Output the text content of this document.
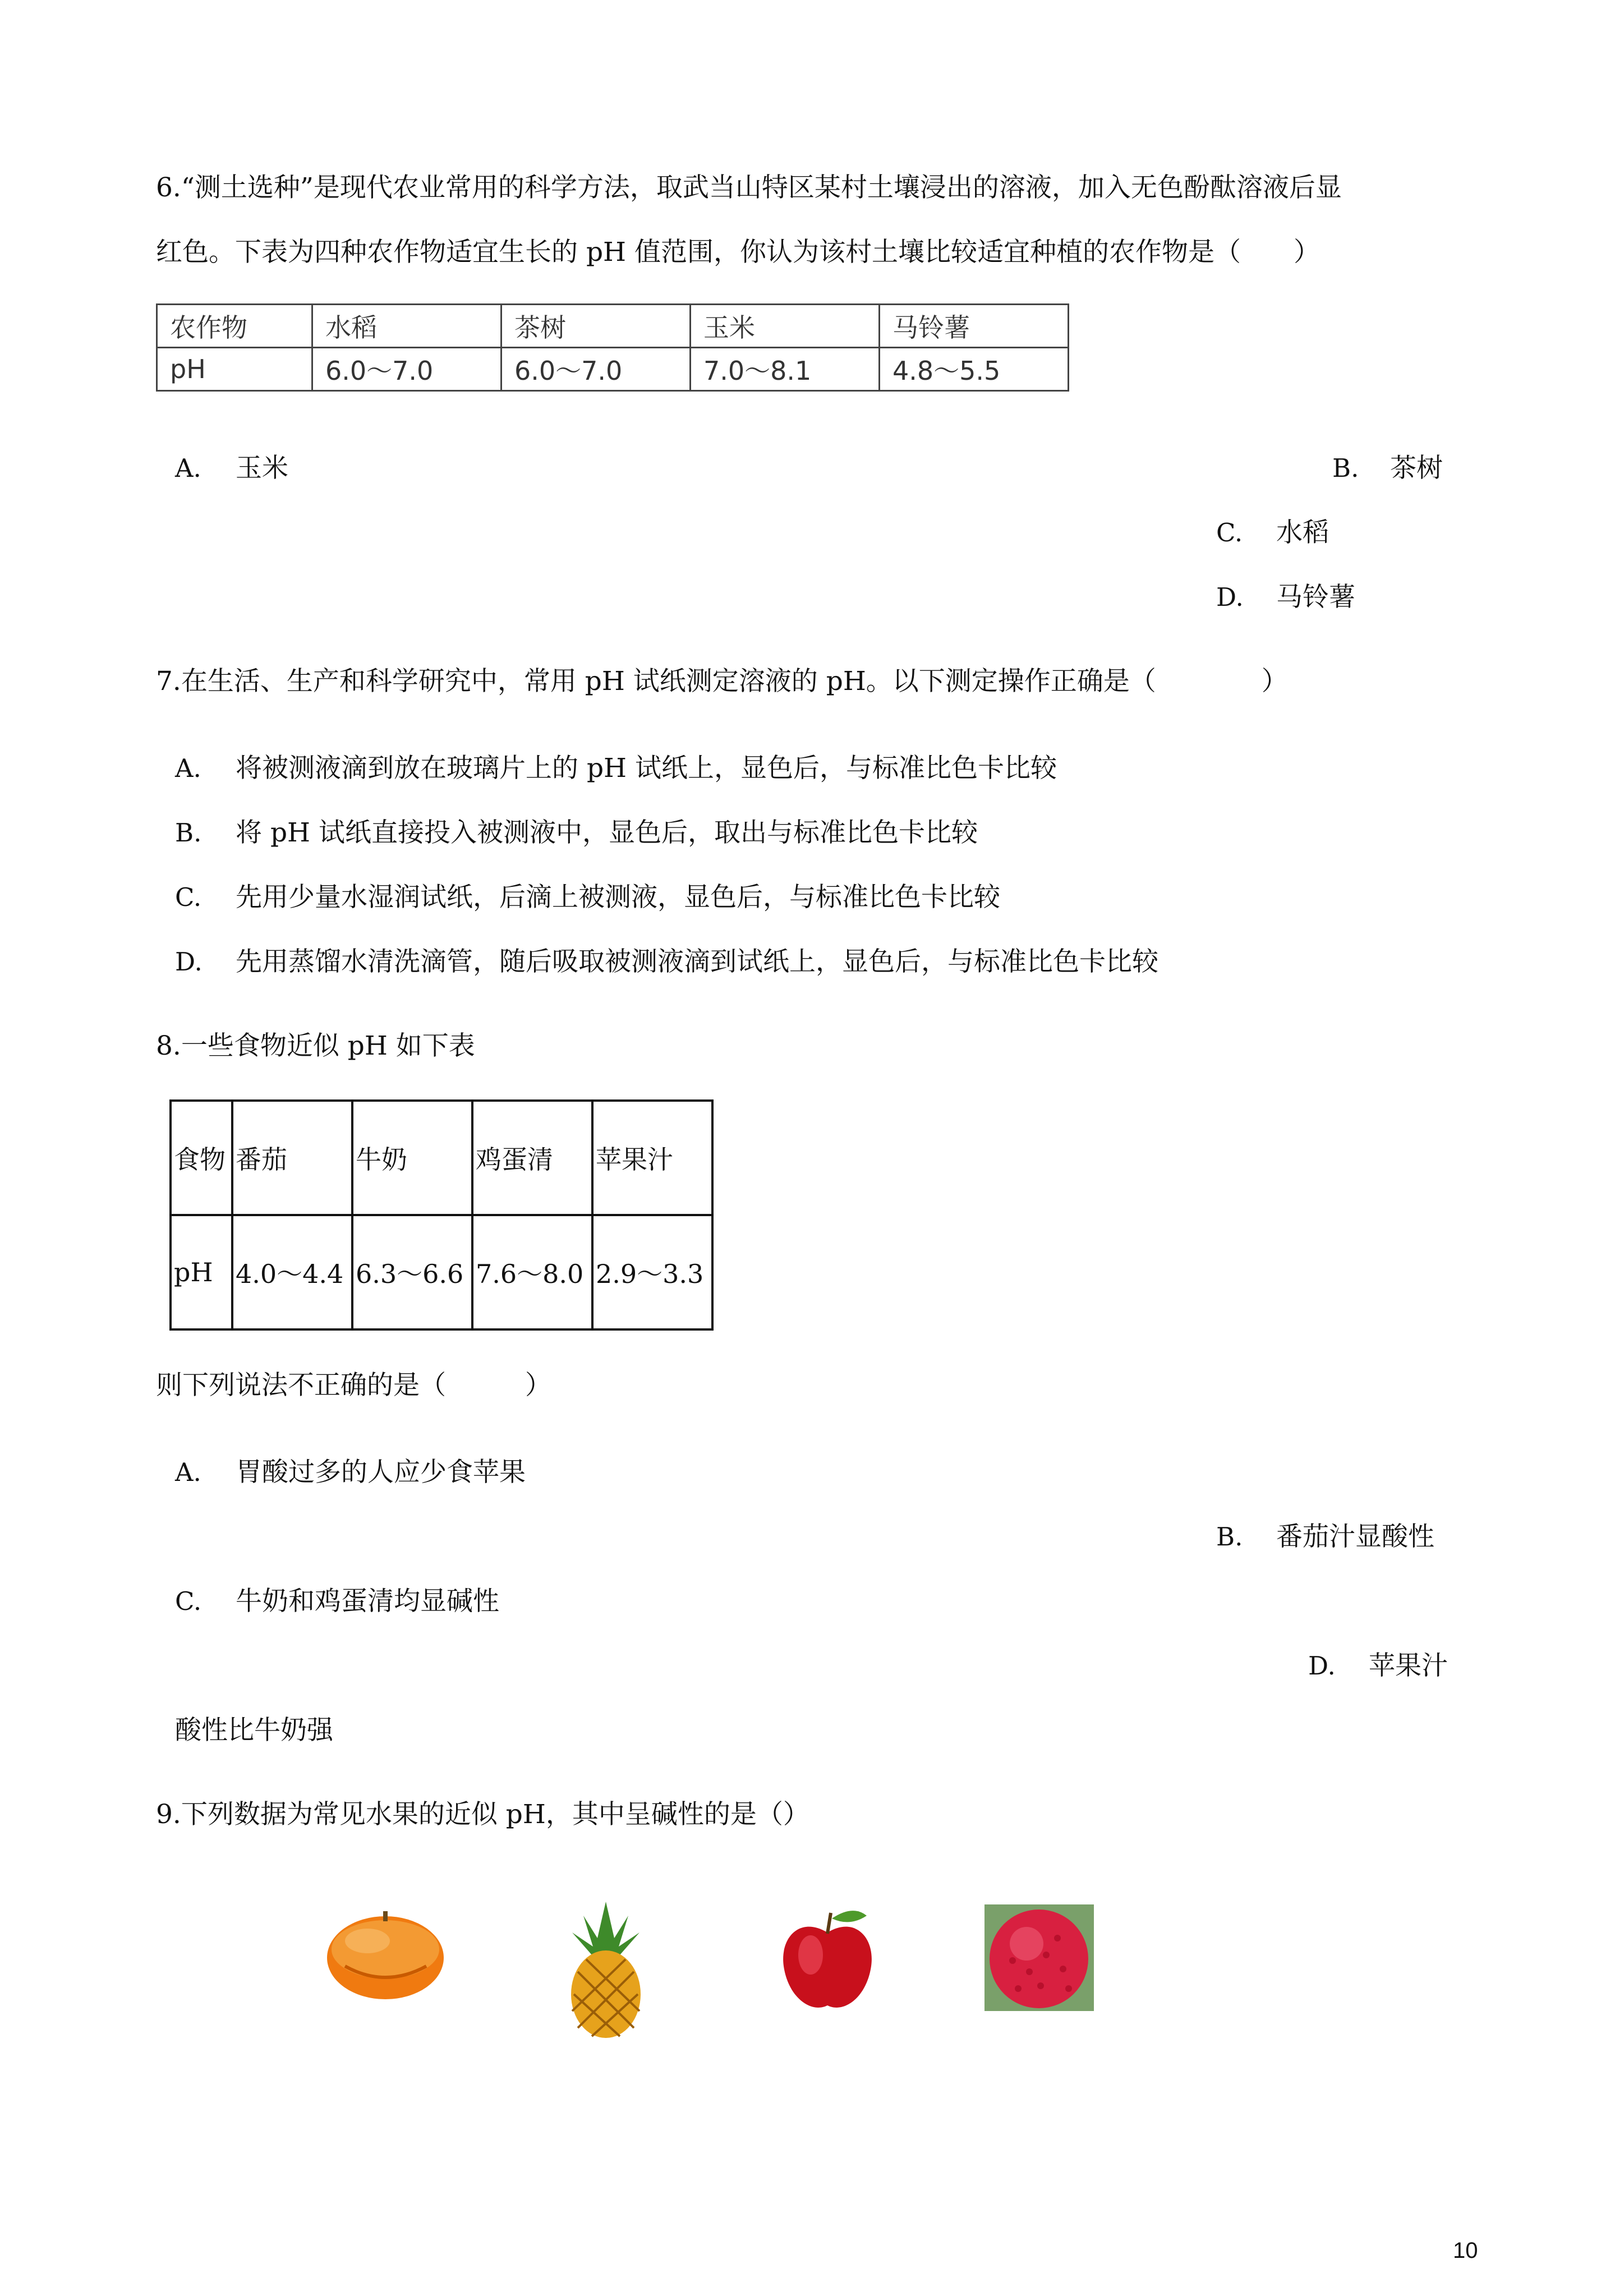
6.“测土选种”是现代农业常用的科学方法，取武当山特区某村土壤浸出的溶液，加入无色酚酞溶液后显
红色。下表为四种农作物适宜生长的 pH 值范围，你认为该村土壤比较适宜种植的农作物是（　　）
农作物	水稻	茶树	玉米	马铃薯
pH	6.0～7.0	6.0～7.0	7.0～8.1	4.8～5.5
A. 玉米	B. 茶树
C. 水稻
D. 马铃薯
7.在生活、生产和科学研究中，常用 pH 试纸测定溶液的 pH。以下测定操作正确是（　　　　）
A. 将被测液滴到放在玻璃片上的 pH 试纸上，显色后，与标准比色卡比较
B. 将 pH 试纸直接投入被测液中，显色后，取出与标准比色卡比较
C. 先用少量水湿润试纸，后滴上被测液，显色后，与标准比色卡比较
D. 先用蒸馏水清洗滴管，随后吸取被测液滴到试纸上，显色后，与标准比色卡比较
8.一些食物近似 pH 如下表
食物	番茄	牛奶	鸡蛋清	苹果汁
pH	4.0～4.4	6.3～6.6	7.6～8.0	2.9～3.3
则下列说法不正确的是（　　　）
A. 胃酸过多的人应少食苹果
B. 番茄汁显酸性
C. 牛奶和鸡蛋清均显碱性
D. 苹果汁
酸性比牛奶强
9.下列数据为常见水果的近似 pH，其中呈碱性的是（）
10
